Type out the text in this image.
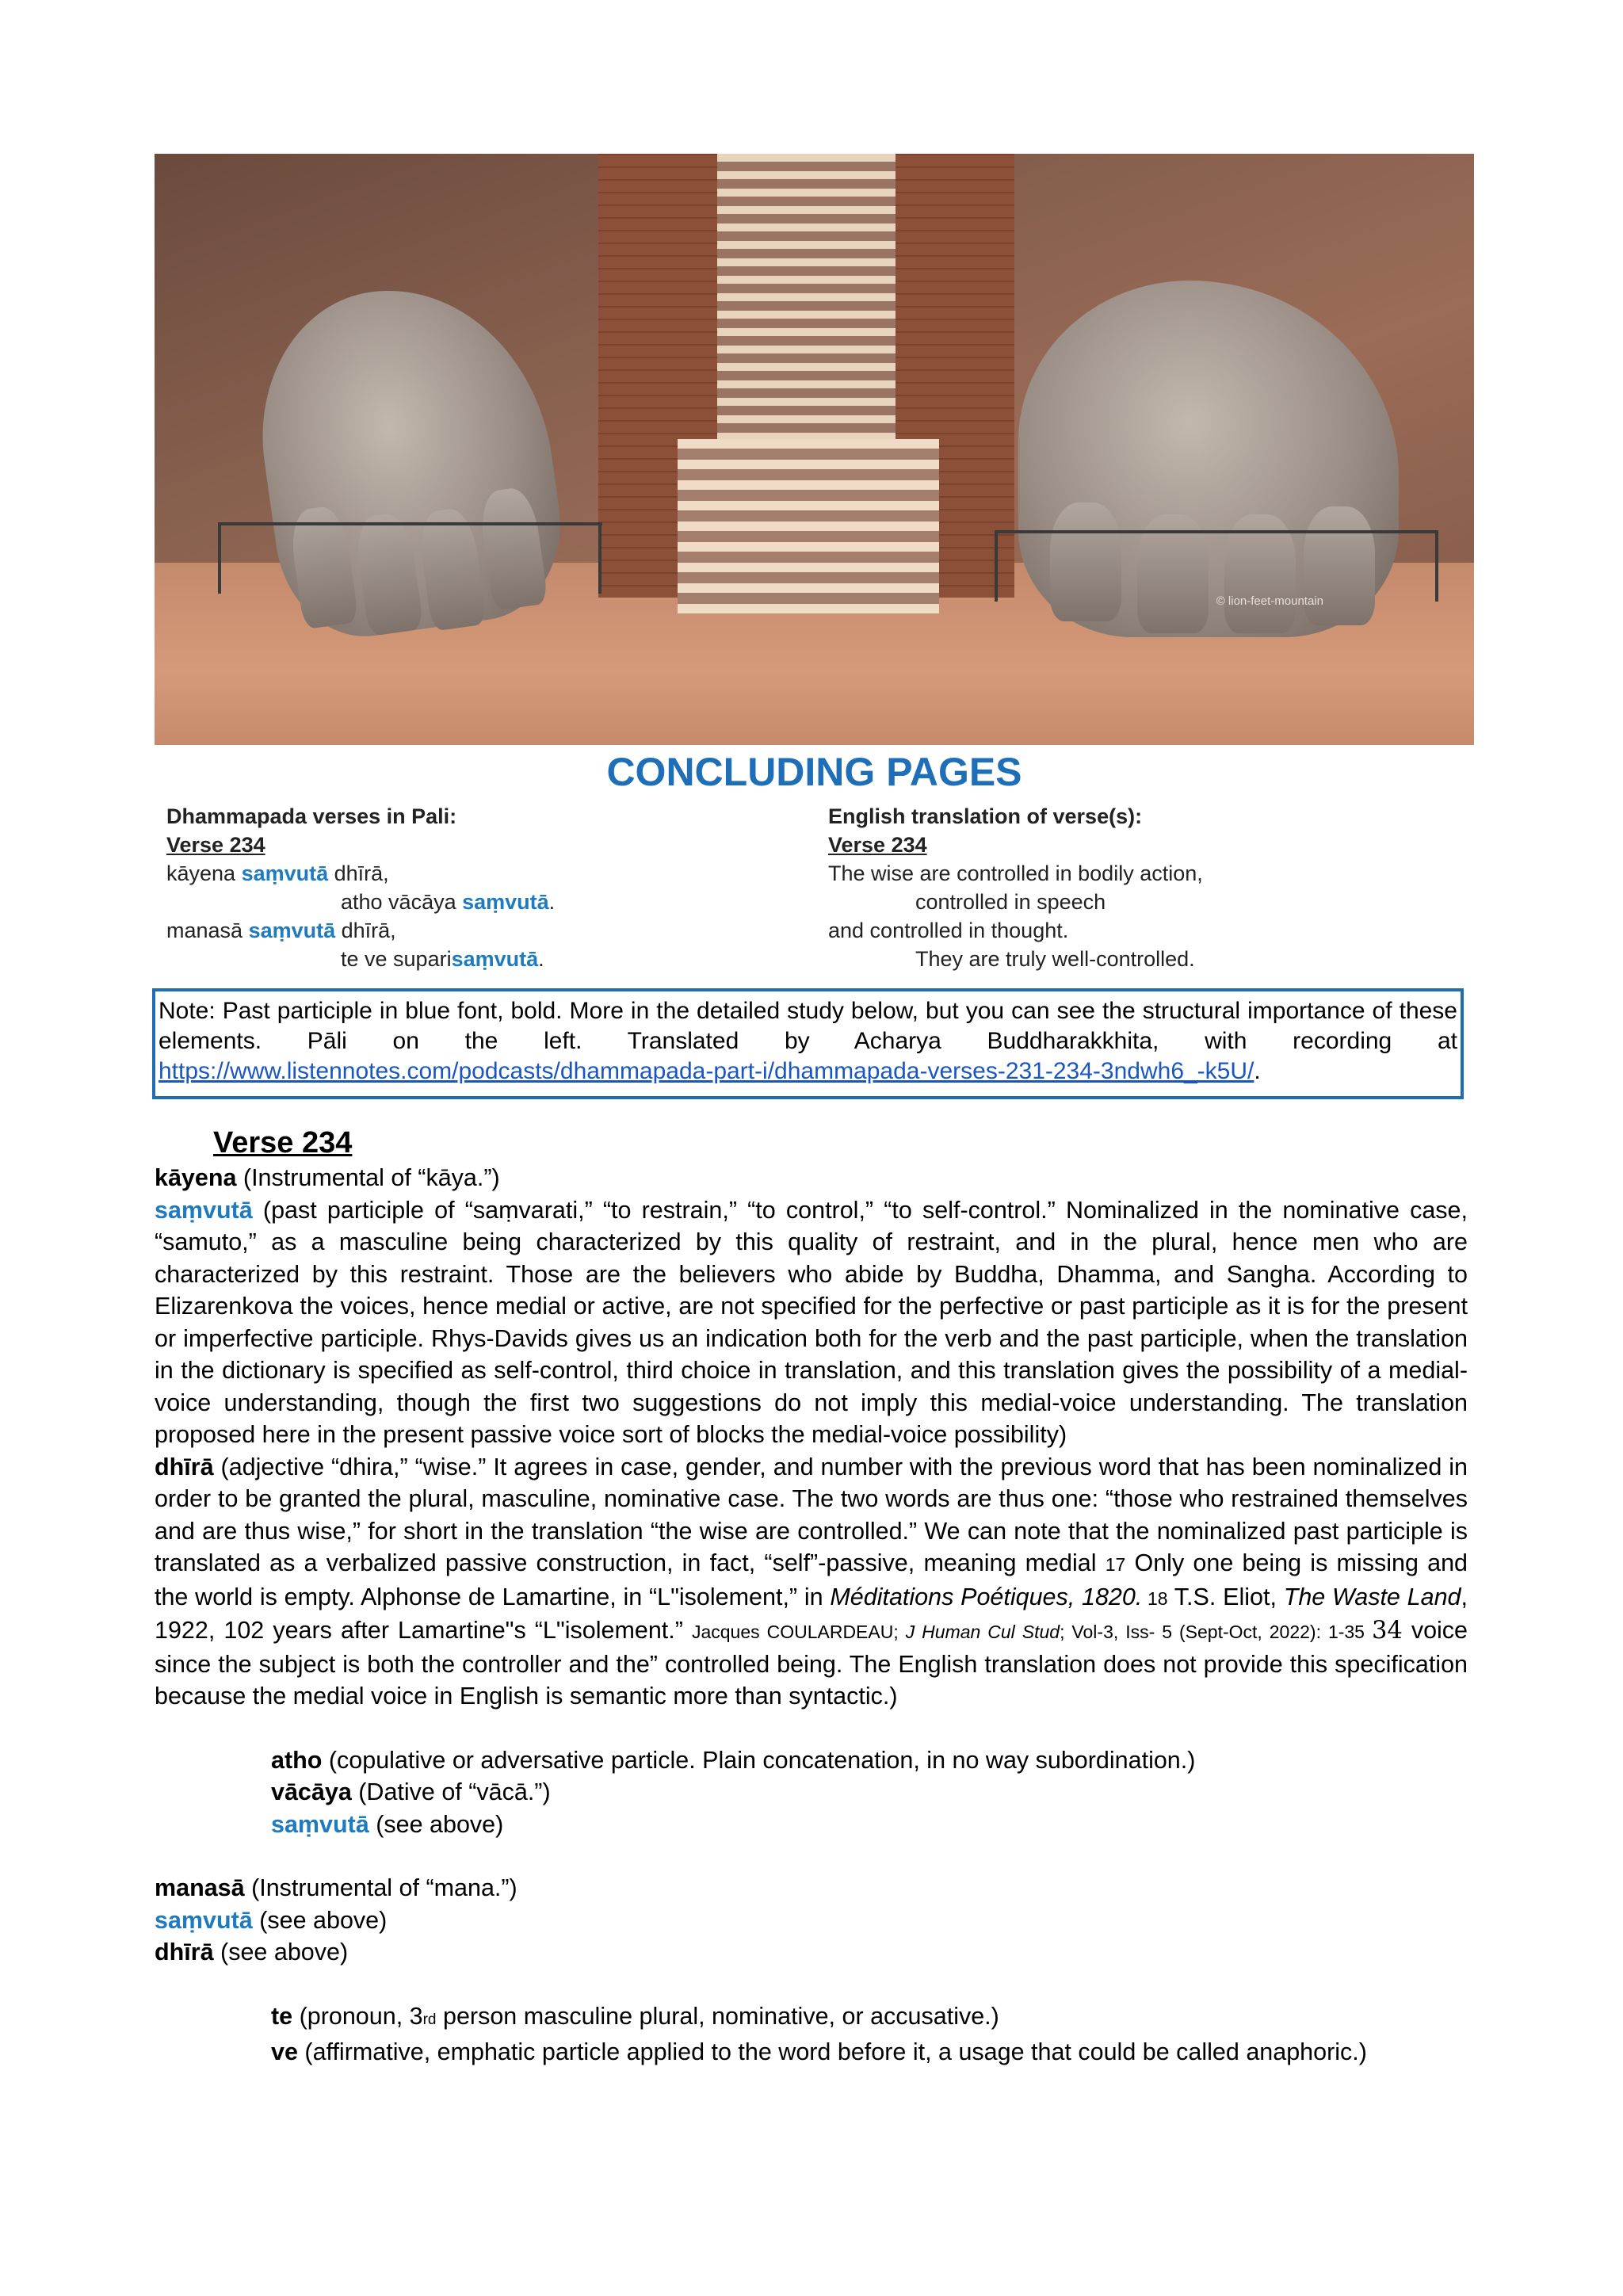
© lion-feet-mountain
CONCLUDING PAGES
Dhammapada verses in Pali:
Verse 234
kāyena saṃvutā dhīrā,
atho vācāya saṃvutā.
manasā saṃvutā dhīrā,
te ve suparisaṃvutā.
English translation of verse(s):
Verse 234
The wise are controlled in bodily action,
controlled in speech
and controlled in thought.
They are truly well-controlled.

Note: Past participle in blue font, bold. More in the detailed study below, but you can see the structural importance of these elements. Pāli on the left. Translated by Acharya Buddharakkhita, with recording at https://www.listennotes.com/podcasts/dhammapada-part-i/dhammapada-verses-231-234-3ndwh6_-k5U/.

Verse 234

kāyena (Instrumental of “kāya.”)

saṃvutā (past participle of “saṃvarati,” “to restrain,” “to control,” “to self-control.” Nominalized in the nominative case, “samuto,” as a masculine being characterized by this quality of restraint, and in the plural, hence men who are characterized by this restraint. Those are the believers who abide by Buddha, Dhamma, and Sangha. According to Elizarenkova the voices, hence medial or active, are not specified for the perfective or past participle as it is for the present or imperfective participle. Rhys-Davids gives us an indication both for the verb and the past participle, when the translation in the dictionary is specified as self-control, third choice in translation, and this translation gives the possibility of a medial-voice understanding, though the first two suggestions do not imply this medial-voice understanding. The translation proposed here in the present passive voice sort of blocks the medial-voice possibility)

dhīrā (adjective “dhira,” “wise.” It agrees in case, gender, and number with the previous word that has been nominalized in order to be granted the plural, masculine, nominative case. The two words are thus one: “those who restrained themselves and are thus wise,” for short in the translation “the wise are controlled.” We can note that the nominalized past participle is translated as a verbalized passive construction, in fact, “self”-passive, meaning medial 17 Only one being is missing and the world is empty. Alphonse de Lamartine, in “L"isolement,” in Méditations Poétiques, 1820. 18 T.S. Eliot, The Waste Land, 1922, 102 years after Lamartine"s “L"isolement.” Jacques COULARDEAU; J Human Cul Stud; Vol-3, Iss- 5 (Sept-Oct, 2022): 1-35 34 voice since the subject is both the controller and the” controlled being. The English translation does not provide this specification because the medial voice in English is semantic more than syntactic.)

atho (copulative or adversative particle. Plain concatenation, in no way subordination.)
vācāya (Dative of “vācā.”)
saṃvutā (see above)
manasā (Instrumental of “mana.”)
saṃvutā (see above)
dhīrā (see above)
te (pronoun, 3rd person masculine plural, nominative, or accusative.)
ve (affirmative, emphatic particle applied to the word before it, a usage that could be called anaphoric.)
